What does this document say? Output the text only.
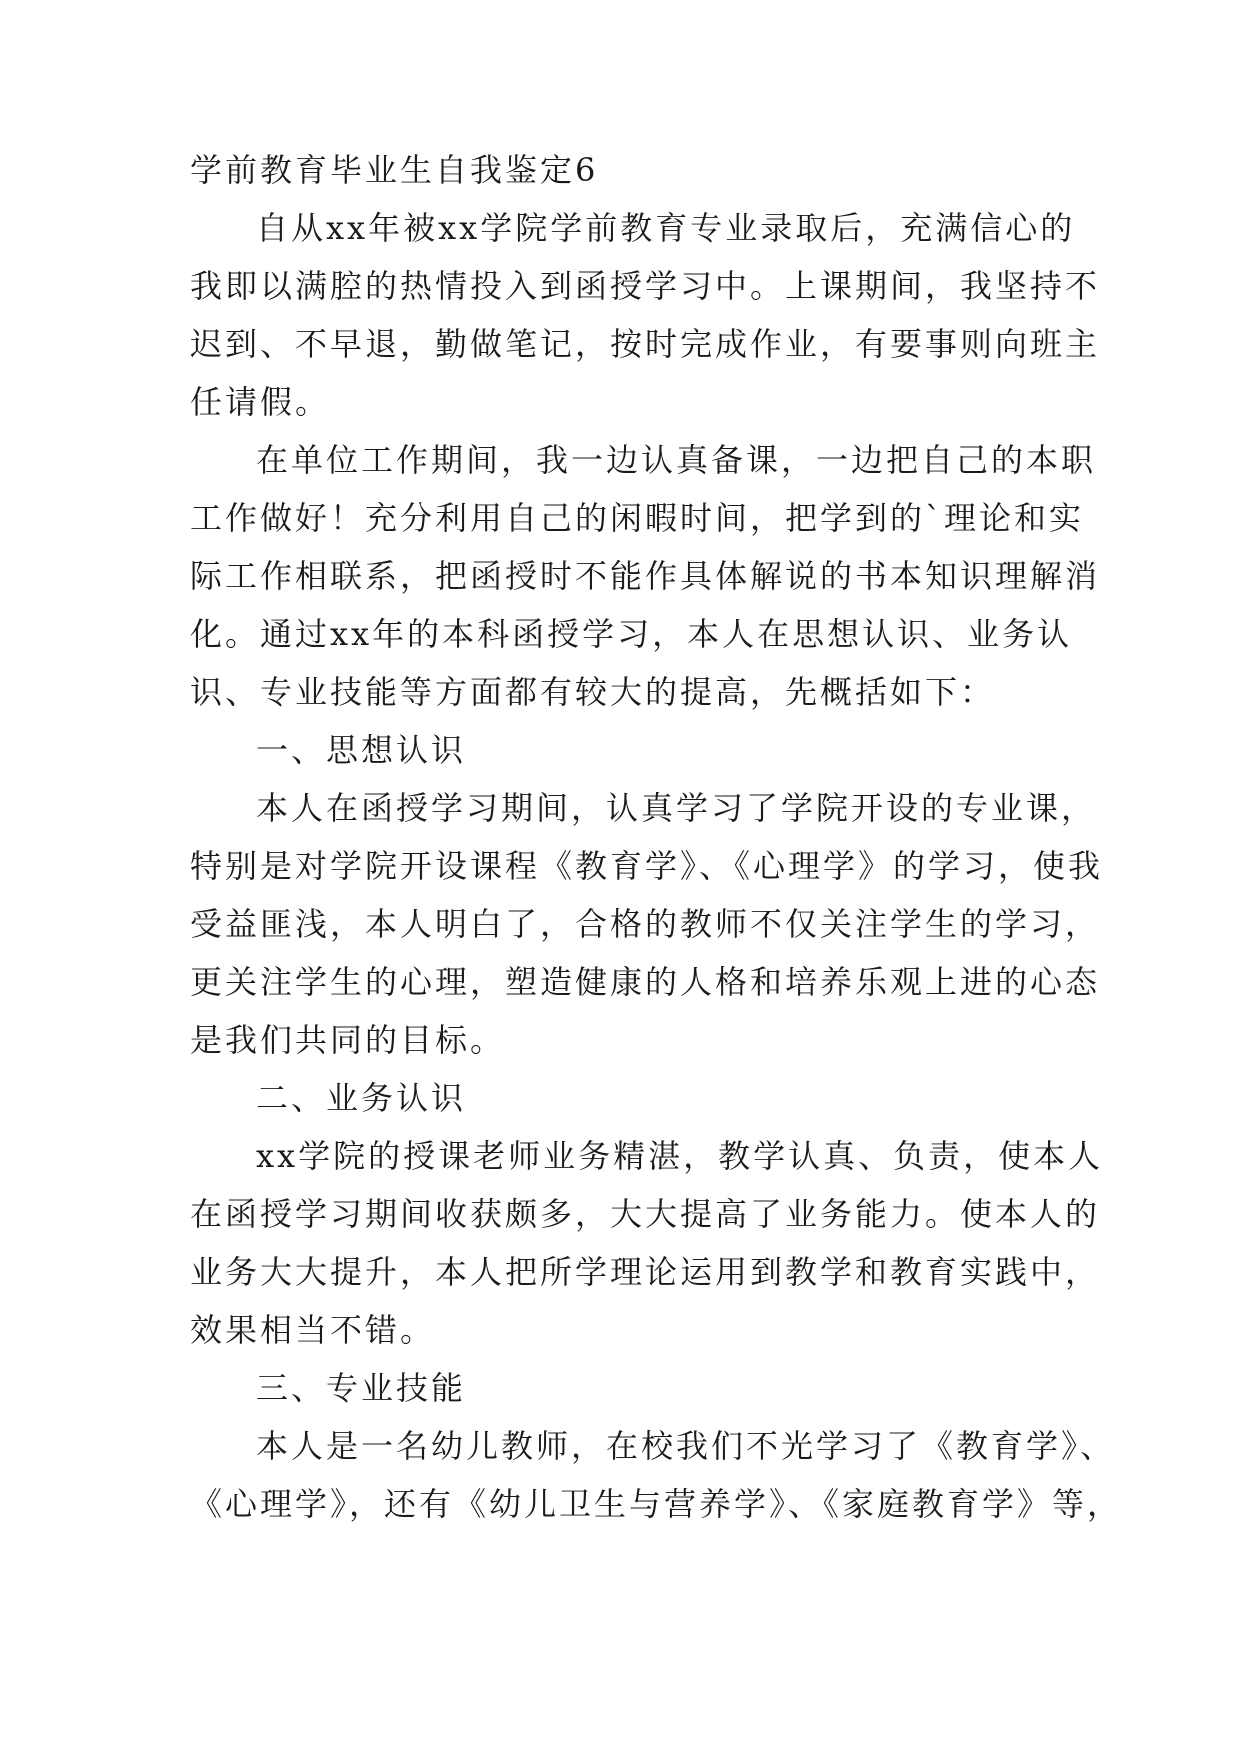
学前教育毕业生自我鉴定6
自从xx年被xx学院学前教育专业录取后，充满信心的
我即以满腔的热情投入到函授学习中。上课期间，我坚持不
迟到、不早退，勤做笔记，按时完成作业，有要事则向班主
任请假。
在单位工作期间，我一边认真备课，一边把自己的本职
工作做好！充分利用自己的闲暇时间，把学到的`理论和实
际工作相联系，把函授时不能作具体解说的书本知识理解消
化。通过xx年的本科函授学习，本人在思想认识、业务认
识、专业技能等方面都有较大的提高，先概括如下：
一、思想认识
本人在函授学习期间，认真学习了学院开设的专业课，
特别是对学院开设课程《教育学》、《心理学》的学习，使我
受益匪浅，本人明白了，合格的教师不仅关注学生的学习，
更关注学生的心理，塑造健康的人格和培养乐观上进的心态
是我们共同的目标。
二、业务认识
xx学院的授课老师业务精湛，教学认真、负责，使本人
在函授学习期间收获颇多，大大提高了业务能力。使本人的
业务大大提升，本人把所学理论运用到教学和教育实践中，
效果相当不错。
三、专业技能
本人是一名幼儿教师，在校我们不光学习了《教育学》、
《心理学》，还有《幼儿卫生与营养学》、《家庭教育学》等，
